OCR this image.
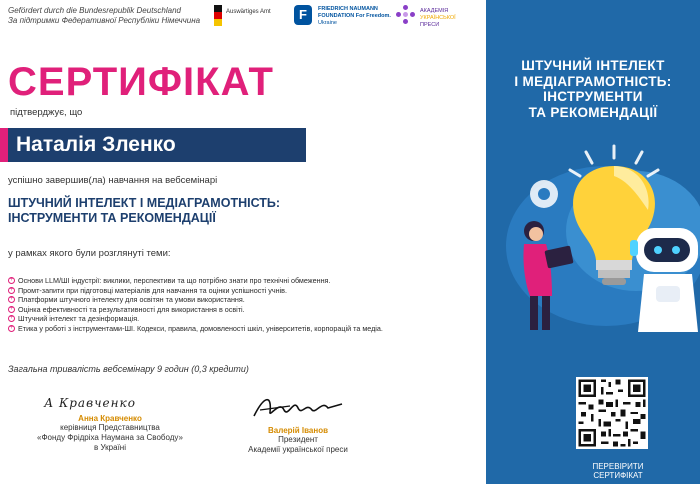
Gefördert durch die Bundesrepublik Deutschland
За підтримки Федеративної Республіки Німеччина
Auswärtiges Amt	F	FRIEDRICH NAUMANN
FOUNDATION For Freedom.
Ukraine
АКАДЕМІЯ
УКРАЇНСЬКОЇ
ПРЕСИ
СЕРТИФІКАТ
підтверджує, що
Наталія Зленко
успішно завершив(ла) навчання на вебсемінарі
ШТУЧНИЙ ІНТЕЛЕКТ І МЕДІАГРАМОТНІСТЬ:
ІНСТРУМЕНТИ ТА РЕКОМЕНДАЦІЇ
у рамках якого були розглянуті теми:
+ Основи LLM/ШІ індустрії: виклики, перспективи та що потрібно знати про технічні обмеження.
+ Промт-запити при підготовці матеріалів для навчання та оцінки успішності учнів.
+ Платформи штучного інтелекту для освітян та умови використання.
+ Оцінка ефективності та результативності для використання в освіті.
+ Штучний інтелект та дезінформація.
+ Етика у роботі з інструментами-ШІ. Кодекси, правила, домовленості шкіл, університетів, корпорацій та медіа.
Загальна тривалість вебсемінару 9 годин (0,3 кредити)
А Кравченко
Анна Кравченко
керівниця Представництва
«Фонду Фрідріха Наумана за Свободу»
в Україні
Валерій Іванов
Президент
Академії української преси
ШТУЧНИЙ ІНТЕЛЕКТ
І МЕДІАГРАМОТНІСТЬ:
ІНСТРУМЕНТИ
ТА РЕКОМЕНДАЦІЇ
ПЕРЕВІРИТИ
СЕРТИФІКАТ
